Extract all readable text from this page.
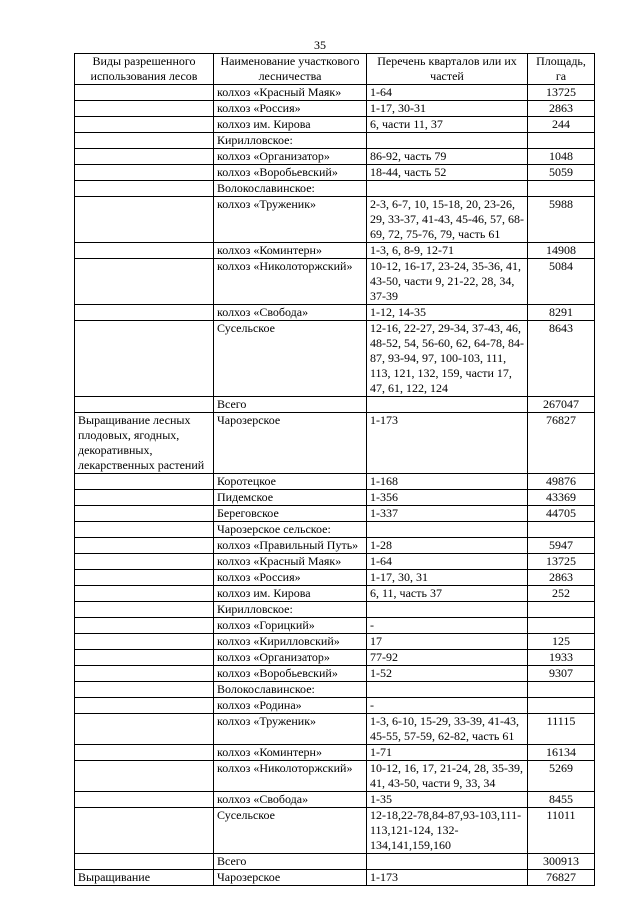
35
Виды разрешенного использования лесов	Наименование участкового лесничества	Перечень кварталов или их частей	Площадь, га
	колхоз «Красный Маяк»	1-64	13725
	колхоз «Россия»	1-17, 30-31	2863
	колхоз им. Кирова	6, части 11, 37	244
	Кирилловское:		
	колхоз «Организатор»	86-92, часть 79	1048
	колхоз «Воробьевский»	18-44, часть 52	5059
	Волокославинское:		
	колхоз «Труженик»	2-3, 6-7, 10, 15-18, 20, 23-26, 29, 33-37, 41-43, 45-46, 57, 68-69, 72, 75-76, 79, часть 61	5988
	колхоз «Коминтерн»	1-3, 6, 8-9, 12-71	14908
	колхоз «Николоторжский»	10-12, 16-17, 23-24, 35-36, 41, 43-50, части 9, 21-22, 28, 34, 37-39	5084
	колхоз «Свобода»	1-12, 14-35	8291
	Сусельское	12-16, 22-27, 29-34, 37-43, 46, 48-52, 54, 56-60, 62, 64-78, 84-87, 93-94, 97, 100-103, 111, 113, 121, 132, 159, части 17, 47, 61, 122, 124	8643
	Всего		267047
Выращивание лесных плодовых, ягодных, декоративных, лекарственных растений	Чарозерское	1-173	76827
	Коротецкое	1-168	49876
	Пидемское	1-356	43369
	Береговское	1-337	44705
	Чарозерское сельское:		
	колхоз «Правильный Путь»	1-28	5947
	колхоз «Красный Маяк»	1-64	13725
	колхоз «Россия»	1-17, 30, 31	2863
	колхоз им. Кирова	6, 11, часть 37	252
	Кирилловское:		
	колхоз «Горицкий»	-	
	колхоз «Кирилловский»	17	125
	колхоз «Организатор»	77-92	1933
	колхоз «Воробьевский»	1-52	9307
	Волокославинское:		
	колхоз «Родина»	-	
	колхоз «Труженик»	1-3, 6-10, 15-29, 33-39, 41-43, 45-55, 57-59, 62-82, часть 61	11115
	колхоз «Коминтерн»	1-71	16134
	колхоз «Николоторжский»	10-12, 16, 17, 21-24, 28, 35-39, 41, 43-50, части 9, 33, 34	5269
	колхоз «Свобода»	1-35	8455
	Сусельское	12-18,22-78,84-87,93-103,111-113,121-124, 132-134,141,159,160	11011
	Всего		300913
Выращивание	Чарозерское	1-173	76827
